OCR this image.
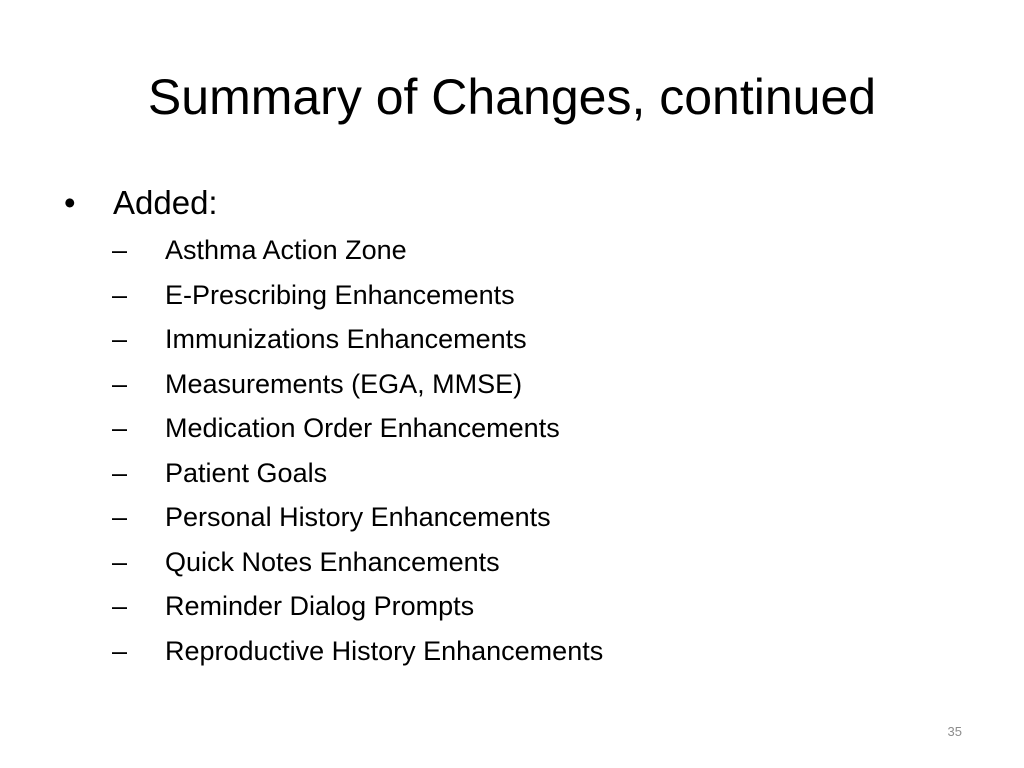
Summary of Changes, continued
•	Added:
–	Asthma Action Zone
–	E-Prescribing Enhancements
–	Immunizations Enhancements
–	Measurements (EGA, MMSE)
–	Medication Order Enhancements
–	Patient Goals
–	Personal History Enhancements
–	Quick Notes Enhancements
–	Reminder Dialog Prompts
–	Reproductive History Enhancements
35
